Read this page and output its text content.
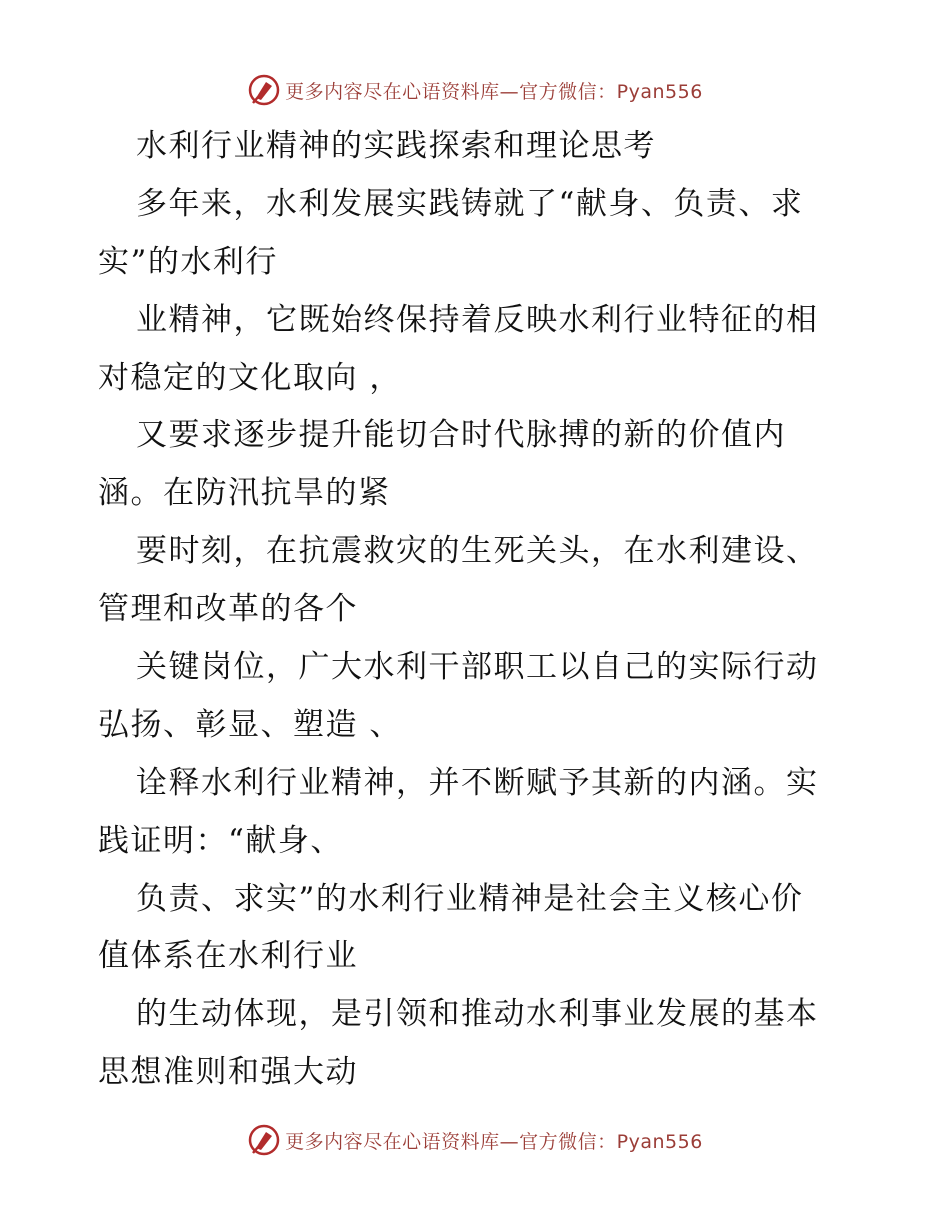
更多内容尽在心语资料库—官方微信：Pyan556
水利行业精神的实践探索和理论思考
多年来，水利发展实践铸就了“献身、负责、求
实”的水利行
业精神，它既始终保持着反映水利行业特征的相
对稳定的文化取向 ，
又要求逐步提升能切合时代脉搏的新的价值内
涵。在防汛抗旱的紧
要时刻，在抗震救灾的生死关头，在水利建设、
管理和改革的各个
关键岗位，广大水利干部职工以自己的实际行动
弘扬、彰显、塑造 、
诠释水利行业精神，并不断赋予其新的内涵。实
践证明：“献身、
负责、求实”的水利行业精神是社会主义核心价
值体系在水利行业
的生动体现，是引领和推动水利事业发展的基本
思想准则和强大动
更多内容尽在心语资料库—官方微信：Pyan556
